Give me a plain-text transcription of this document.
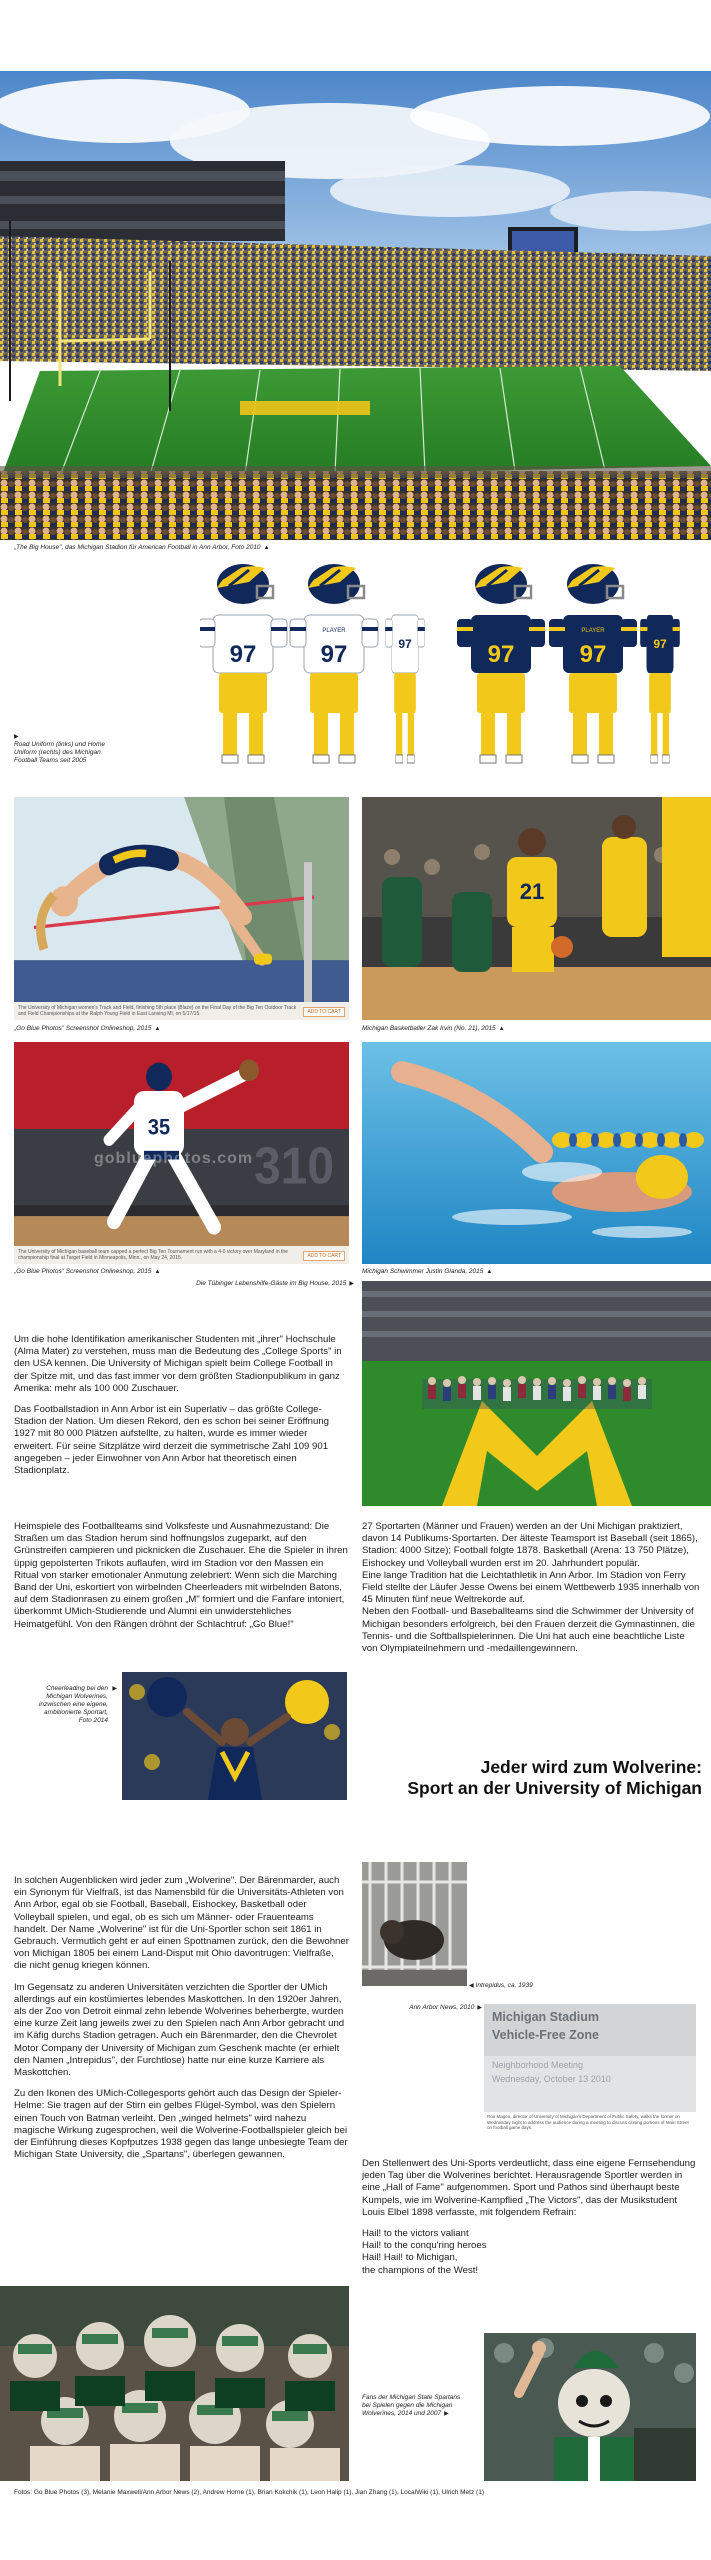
„The Big House", das Michigan Stadion für American Football in Ann Arbor, Foto 2010 ▲
97	97
PLAYER
97	97	97
PLAYER
97
▶
Road Uniform (links) und Home Uniform (rechts) des Michigan Football Teams seit 2005
The University of Michigan women's Track and Field, finishing 5th place (Blaze) on the Final Day of the Big Ten Outdoor Track and Field Championships at the Ralph Young Field in East Lansing MI, on 5/17/15.	ADD TO CART
„Go Blue Photos" Screenshot Onlineshop, 2015 ▲
21
Michigan Basketballer Zak Irvin (No. 21), 2015 ▲
310
35
gobluephotos.com
The University of Michigan baseball team capped a perfect Big Ten Tournament run with a 4-0 victory over Maryland in the championship final at Target Field in Minneapolis, Minn., on May 24, 2015.	ADD TO CART
„Go Blue Photos" Screenshot Onlineshop, 2015 ▲	Michigan Schwimmer Justin Glanda, 2015 ▲
Die Tübinger Lebenshilfe-Gäste im Big House, 2015 ▶

Um die hohe Identifikation amerikanischer Studenten mit „ihrer" Hochschule (Alma Mater) zu verstehen, muss man die Bedeutung des „College Sports" in den USA kennen. Die University of Michigan spielt beim College Football in der Spitze mit, und das fast immer vor dem größten Stadionpublikum in ganz Amerika: mehr als 100 000 Zuschauer.

Das Footballstadion in Ann Arbor ist ein Superlativ – das größte College-Stadion der Nation. Um diesen Rekord, den es schon bei seiner Eröffnung 1927 mit 80 000 Plätzen aufstellte, zu halten, wurde es immer wieder erweitert. Für seine Sitzplätze wird derzeit die symmetrische Zahl 109 901 angegeben – jeder Einwohner von Ann Arbor hat theoretisch einen Stadionplatz.

Heimspiele des Footballteams sind Volksfeste und Ausnahmezustand: Die Straßen um das Stadion herum sind hoffnungslos zugeparkt, auf den Grünstreifen campieren und picknicken die Zuschauer. Ehe die Spieler in ihren üppig gepolsterten Trikots auflaufen, wird im Stadion vor den Massen ein Ritual von starker emotionaler Anmutung zelebriert: Wenn sich die Marching Band der Uni, eskortiert von wirbelnden Cheerleaders mit wirbelnden Batons, auf dem Stadionrasen zu einem großen „M" formiert und die Fanfare intoniert, überkommt UMich-Studierende und Alumni ein unwiderstehliches Heimatgefühl. Von den Rängen dröhnt der Schlachtruf: „Go Blue!"

27 Sportarten (Männer und Frauen) werden an der Uni Michigan praktiziert, davon 14 Publikums-Sportarten. Der älteste Teamsport ist Baseball (seit 1865), Stadion: 4000 Sitze); Football folgte 1878. Basketball (Arena: 13 750 Plätze), Eishockey und Volleyball wurden erst im 20. Jahrhundert populär.

Eine lange Tradition hat die Leichtathletik in Ann Arbor. Im Stadion von Ferry Field stellte der Läufer Jesse Owens bei einem Wettbewerb 1935 innerhalb von 45 Minuten fünf neue Weltrekorde auf.

Neben den Football- und Baseballteams sind die Schwimmer der University of Michigan besonders erfolgreich, bei den Frauen derzeit die Gymnastinnen, die Tennis- und die Softballspielerinnen. Die Uni hat auch eine beachtliche Liste von Olympiateilnehmern und -medaillengewinnern.

Cheerleading bei den Michigan Wolverines, inzwischen eine eigene, ambitionierte Sportart, Foto 2014
▶
Jeder wird zum Wolverine:
Sport an der University of Michigan

In solchen Augenblicken wird jeder zum „Wolverine". Der Bärenmarder, auch ein Synonym für Vielfraß, ist das Namensbild für die Universitäts-Athleten von Ann Arbor, egal ob sie Football, Baseball, Eishockey, Basketball oder Volleyball spielen, und egal, ob es sich um Männer- oder Frauenteams handelt. Der Name „Wolverine" ist für die Uni-Sportler schon seit 1861 in Gebrauch. Vermutlich geht er auf einen Spottnamen zurück, den die Bewohner von Michigan 1805 bei einem Land-Disput mit Ohio davontrugen: Vielfraße, die nicht genug kriegen können.

Im Gegensatz zu anderen Universitäten verzichten die Sportler der UMich allerdings auf ein kostümiertes lebendes Maskottchen. In den 1920er Jahren, als der Zoo von Detroit einmal zehn lebende Wolverines beherbergte, wurden eine kurze Zeit lang jeweils zwei zu den Spielen nach Ann Arbor gebracht und im Käfig durchs Stadion getragen. Auch ein Bärenmarder, den die Chevrolet Motor Company der University of Michigan zum Geschenk machte (er erhielt den Namen „Intrepidus", der Furchtlose) hatte nur eine kurze Karriere als Maskottchen.

Zu den Ikonen des UMich-Collegesports gehört auch das Design der Spieler-Helme: Sie tragen auf der Stirn ein gelbes Flügel-Symbol, was den Spielern einen Touch von Batman verleiht. Den „winged helmets" wird nahezu magische Wirkung zugesprochen, weil die Wolverine-Footballspieler gleich bei der Einführung dieses Kopfputzes 1938 gegen das lange unbesiegte Team der Michigan State University, die „Spartans", überlegen gewannen.

◀ Intrepidus, ca. 1939
Ann Arbor News, 2010 ▶
Michigan Stadium
Vehicle-Free Zone
Neighborhood Meeting
Wednesday, October 13 2010
Ron Mageo, director of University of Michigan's Department of Public Safety, walks the former on Wednesday night to address the audience during a meeting to discuss closing portions of Main Street on football game days.

Den Stellenwert des Uni-Sports verdeutlicht, dass eine eigene Fernsehendung jeden Tag über die Wolverines berichtet. Herausragende Sportler werden in eine „Hall of Fame" aufgenommen. Sport und Pathos sind überhaupt beste Kumpels, wie im Wolverine-Kampflied „The Victors", das der Musikstudent Louis Elbel 1898 verfasste, mit folgendem Refrain:

Hail! to the victors valiant
Hail! to the conqu'ring heroes
Hail! Hail! to Michigan,
the champions of the West!

Fans der Michigan State Spartans bei Spielen gegen die Michigan Wolverines, 2014 und 2007 ▶
Fotos: Go Blue Photos (3), Melanie Maxwell/Ann Arbor News (2), Andrew Horne (1), Brian Kokchik (1), Leon Halip (1), Jian Zhang (1), LocalWiki (1), Ulrich Metz (1)
